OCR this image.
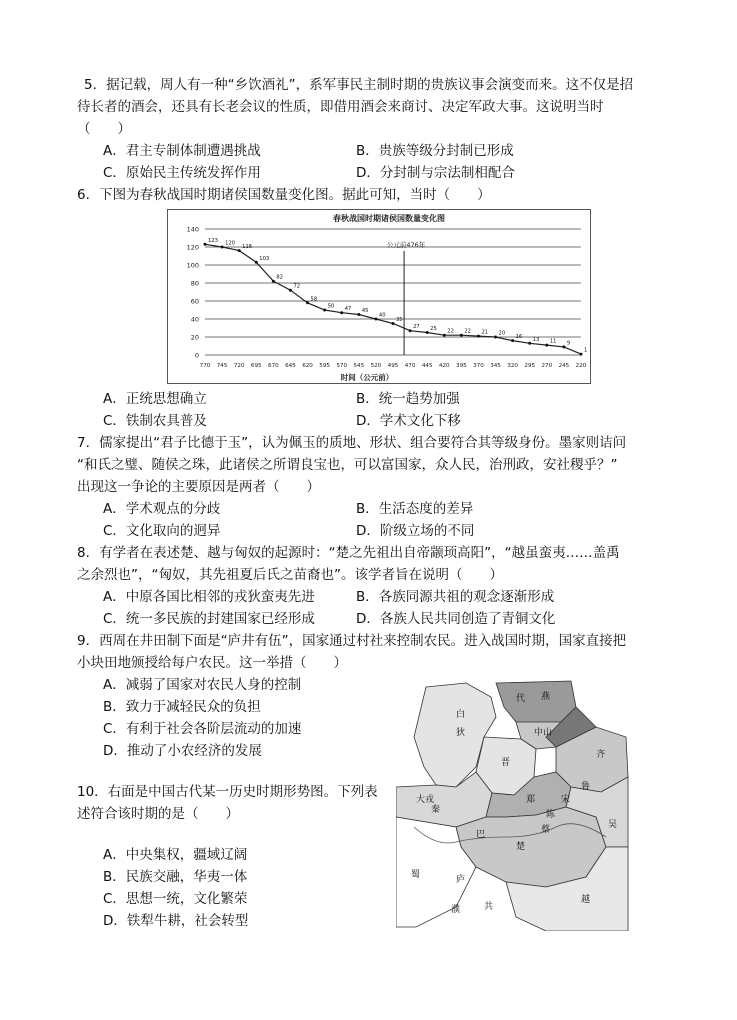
5．据记载，周人有一种“乡饮酒礼”，系军事民主制时期的贵族议事会演变而来。这不仅是招
待长者的酒会，还具有长老会议的性质，即借用酒会来商讨、决定军政大事。这说明当时
（　　）
A．君主专制体制遭遇挑战	B．贵族等级分封制已形成
C．原始民主传统发挥作用	D．分封制与宗法制相配合
6．下图为春秋战国时期诸侯国数量变化图。据此可知，当时（　　）
春秋战国时期诸侯国数量变化图
0
20
40
60
80
100
120
140
770 745 720 695 670 645 620 595 570 545 520 495 470 445 420 395 370 345 320 295 270 245 220
公元前476年
123 120
116
103
82
72
58
50 47 45
40
35
27 25 22 22 21 20
16 13 11 9
1
时间（公元前）
A．正统思想确立	B．统一趋势加强
C．铁制农具普及	D．学术文化下移
7．儒家提出“君子比德于玉”，认为佩玉的质地、形状、组合要符合其等级身份。墨家则诘问
“和氏之璧、随侯之珠，此诸侯之所谓良宝也，可以富国家，众人民，治刑政，安社稷乎？”
出现这一争论的主要原因是两者（　　）
A．学术观点的分歧	B．生活态度的差异
C．文化取向的迥异	D．阶级立场的不同
8．有学者在表述楚、越与匈奴的起源时：“楚之先祖出自帝颛顼高阳”，“越虽蛮夷……盖禹
之余烈也”，“匈奴，其先祖夏后氏之苗裔也”。该学者旨在说明（　　）
A．中原各国比相邻的戎狄蛮夷先进	B．各族同源共祖的观念逐渐形成
C．统一多民族的封建国家已经形成	D．各族人民共同创造了青铜文化
9．西周在井田制下面是“庐井有伍”，国家通过村社来控制农民。进入战国时期，国家直接把
小块田地颁授给每户农民。这一举措（　　）
A．减弱了国家对农民人身的控制
B．致力于减轻民众的负担
C．有利于社会各阶层流动的加速
D．推动了小农经济的发展
10．右面是中国古代某一历史时期形势图。下列表
述符合该时期的是（　　）
A．中央集权，疆域辽阔
B．民族交融，华夷一体
C．思想一统，文化繁荣
D．铁犁牛耕，社会转型
燕
代
中山
白
狄
晋
齐
鲁
大戎
秦
郑	宋
陈
蔡
巴
楚
吴
蜀	庐
濮	共
越
